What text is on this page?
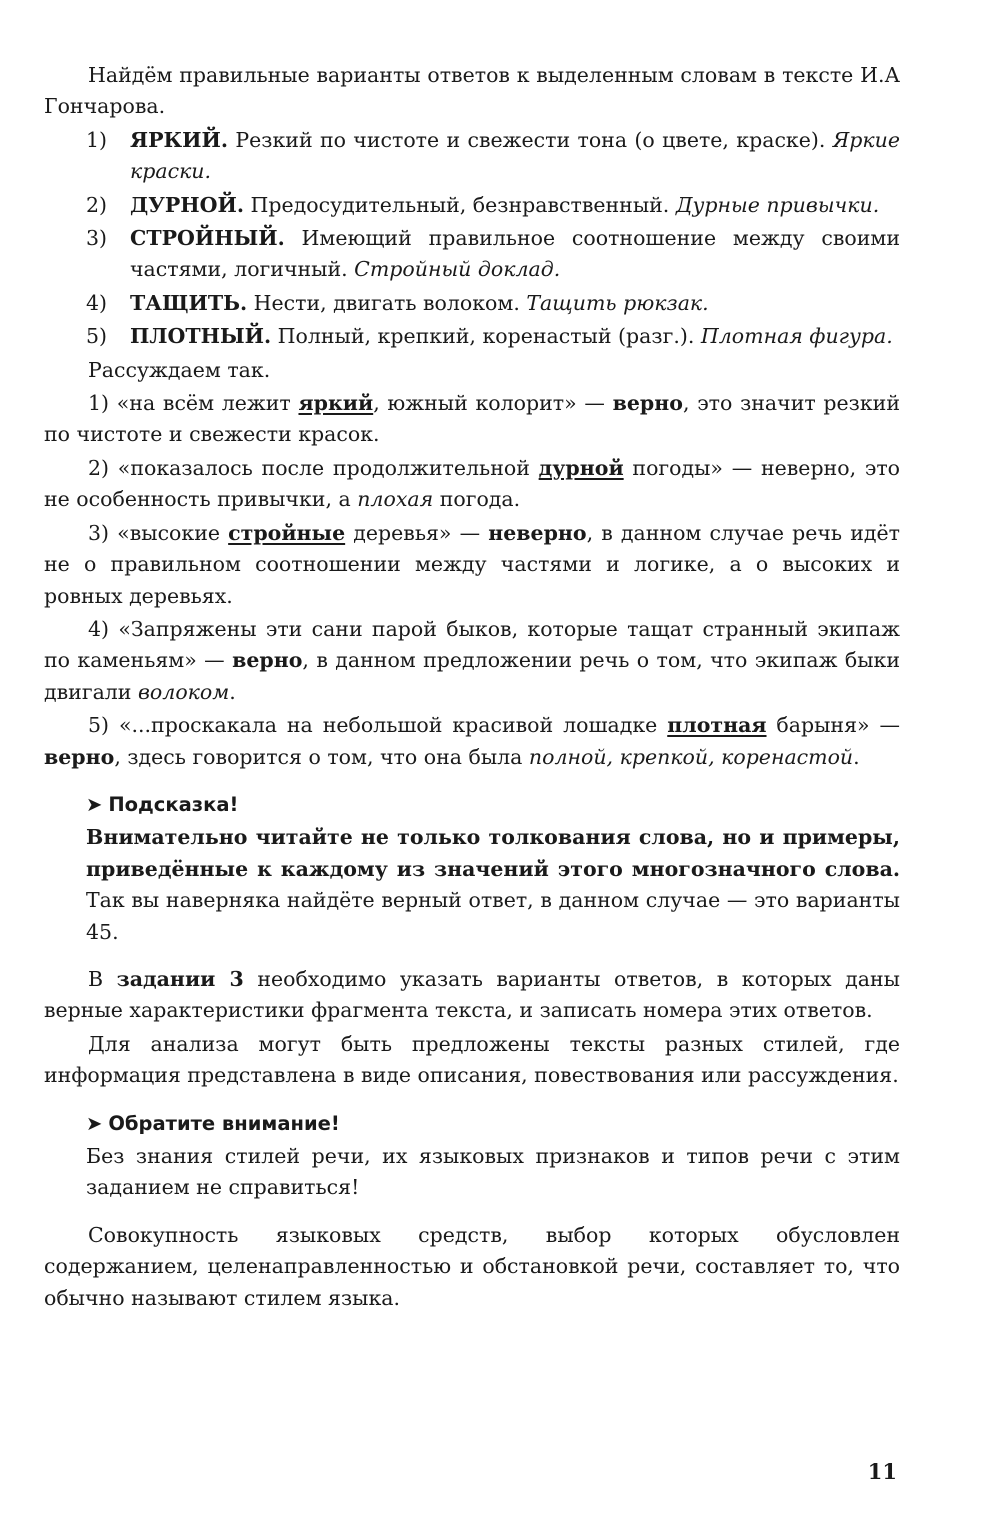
Найдём правильные варианты ответов к выделенным словам в тексте И.А Гончарова.

1)	ЯРКИЙ. Резкий по чистоте и свежести тона (о цвете, краске). Яркие краски.
2)	ДУРНОЙ. Предосудительный, безнравственный. Дурные привычки.
3)	СТРОЙНЫЙ. Имеющий правильное соотношение между своими частями, логичный. Стройный доклад.
4)	ТАЩИТЬ. Нести, двигать волоком. Тащить рюкзак.
5)	ПЛОТНЫЙ. Полный, крепкий, коренастый (разг.). Плотная фигура.

Рассуждаем так.

1) «на всём лежит яркий, южный колорит» — верно, это значит резкий по чистоте и свежести красок.

2) «показалось после продолжительной дурной погоды» — неверно, это не особенность привычки, а плохая погода.

3) «высокие стройные деревья» — неверно, в данном случае речь идёт не о правильном соотношении между частями и логике, а о высоких и ровных деревьях.

4) «Запряжены эти сани парой быков, которые тащат странный экипаж по каменьям» — верно, в данном предложении речь о том, что экипаж быки двигали волоком.

5) «...проскакала на небольшой красивой лошадке плотная барыня» — верно, здесь говорится о том, что она была полной, крепкой, коренастой.

➤ Подсказка!

Внимательно читайте не только толкования слова, но и примеры, приведённые к каждому из значений этого многозначного слова. Так вы наверняка найдёте верный ответ, в данном случае — это варианты 45.

В задании 3 необходимо указать варианты ответов, в которых даны верные характеристики фрагмента текста, и записать номера этих ответов.

Для анализа могут быть предложены тексты разных стилей, где информация представлена в виде описания, повествования или рассуждения.

➤ Обратите внимание!

Без знания стилей речи, их языковых признаков и типов речи с этим заданием не справиться!

Совокупность языковых средств, выбор которых обусловлен содержанием, целенаправленностью и обстановкой речи, составляет то, что обычно называют стилем языка.

11
